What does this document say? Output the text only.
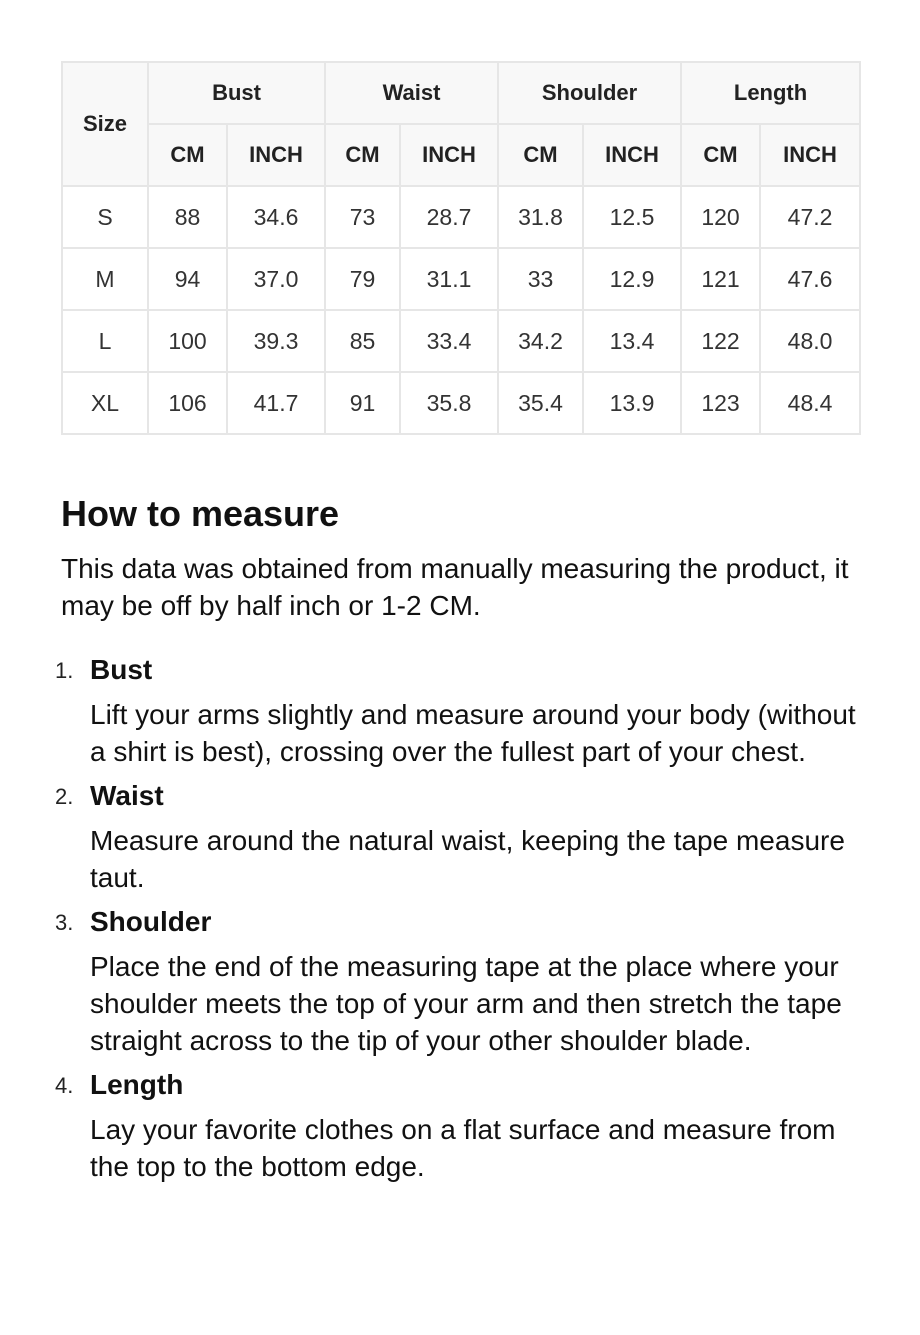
Size	Bust		Waist		Shoulder		Length	
	CM	INCH	CM	INCH	CM	INCH	CM	INCH
S	88	34.6	73	28.7	31.8	12.5	120	47.2
M	94	37.0	79	31.1	33	12.9	121	47.6
L	100	39.3	85	33.4	34.2	13.4	122	48.0
XL	106	41.7	91	35.8	35.4	13.9	123	48.4
How to measure

This data was obtained from manually measuring the product, it may be off by half inch or 1-2 CM.

1. Bust
Lift your arms slightly and measure around your body (without a shirt is best), crossing over the fullest part of your chest.
2. Waist
Measure around the natural waist, keeping the tape measure taut.
3. Shoulder
Place the end of the measuring tape at the place where your shoulder meets the top of your arm and then stretch the tape straight across to the tip of your other shoulder blade.
4. Length
Lay your favorite clothes on a flat surface and measure from the top to the bottom edge.
